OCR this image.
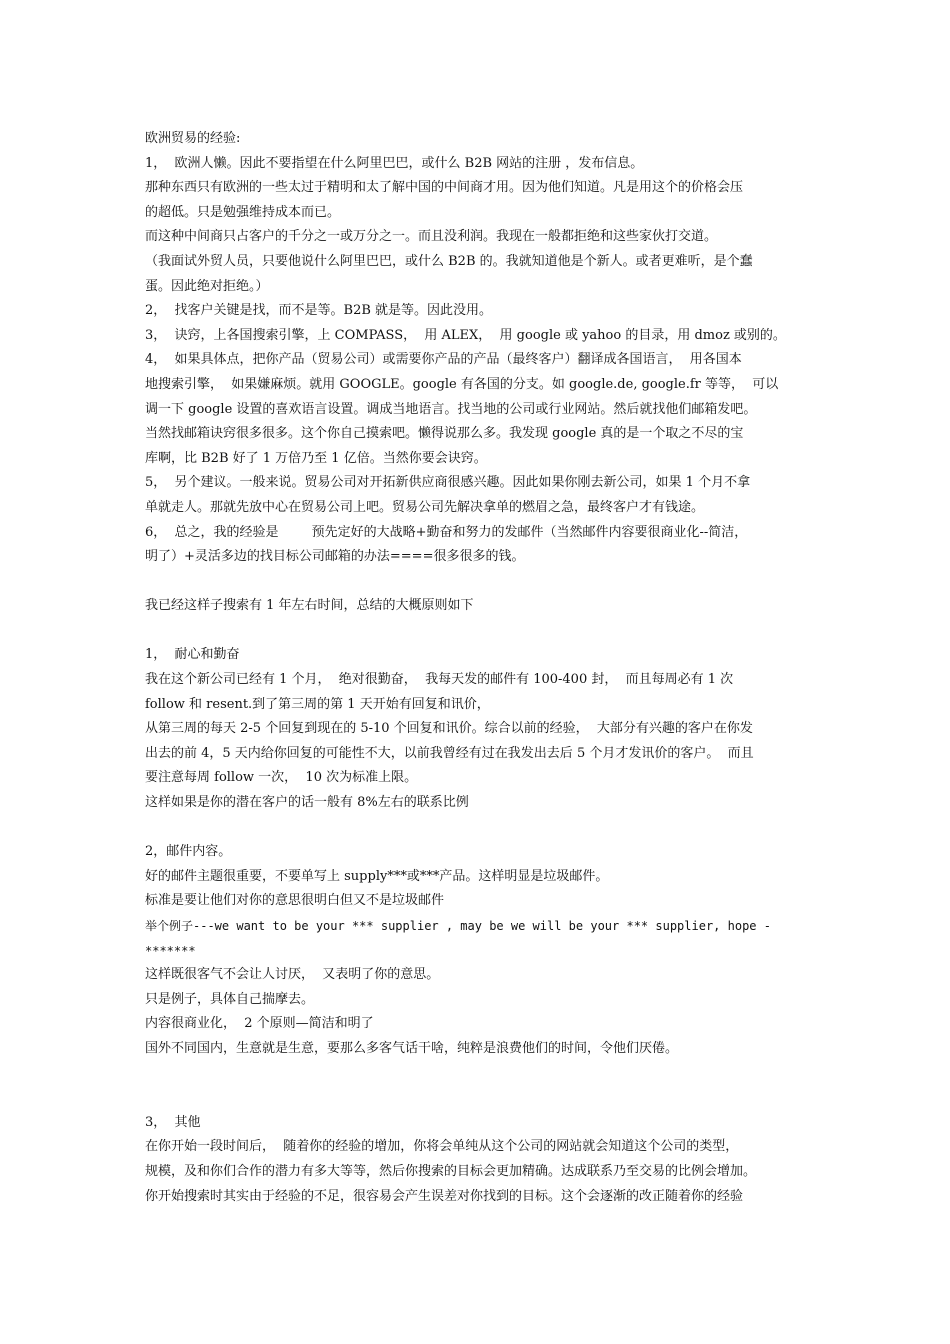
欧洲贸易的经验:
1，  欧洲人懒。因此不要指望在什么阿里巴巴，或什么 B2B 网站的注册 ，发布信息。
那种东西只有欧洲的一些太过于精明和太了解中国的中间商才用。因为他们知道。凡是用这个的价格会压
的超低。只是勉强维持成本而已。
而这种中间商只占客户的千分之一或万分之一。而且没利润。我现在一般都拒绝和这些家伙打交道。
（我面试外贸人员，只要他说什么阿里巴巴，或什么 B2B 的。我就知道他是个新人。或者更难听，是个蠢
蛋。因此绝对拒绝。）
2，  找客户关键是找，而不是等。B2B 就是等。因此没用。
3，  诀窍，上各国搜索引擎，上 COMPASS，  用 ALEX，  用 google 或 yahoo 的目录，用 dmoz 或别的。
4，  如果具体点，把你产品（贸易公司）或需要你产品的产品（最终客户）翻译成各国语言，  用各国本
地搜索引擎，  如果嫌麻烦。就用 GOOGLE。google 有各国的分支。如 google.de, google.fr 等等，  可以
调一下 google 设置的喜欢语言设置。调成当地语言。找当地的公司或行业网站。然后就找他们邮箱发吧。
当然找邮箱诀窍很多很多。这个你自己摸索吧。懒得说那么多。我发现 google 真的是一个取之不尽的宝
库啊，比 B2B 好了 1 万倍乃至 1 亿倍。当然你要会诀窍。
5，  另个建议。一般来说。贸易公司对开拓新供应商很感兴趣。因此如果你刚去新公司，如果 1 个月不拿
单就走人。那就先放中心在贸易公司上吧。贸易公司先解决拿单的燃眉之急，最终客户才有钱途。
6，  总之，我的经验是        预先定好的大战略+勤奋和努力的发邮件（当然邮件内容要很商业化--简洁，
明了）+灵活多边的找目标公司邮箱的办法====很多很多的钱。
我已经这样子搜索有 1 年左右时间，总结的大概原则如下
1，  耐心和勤奋
我在这个新公司已经有 1 个月，  绝对很勤奋，  我每天发的邮件有 100-400 封，  而且每周必有 1 次
follow 和 resent.到了第三周的第 1 天开始有回复和讯价，
从第三周的每天 2-5 个回复到现在的 5-10 个回复和讯价。综合以前的经验，  大部分有兴趣的客户在你发
出去的前 4，5 天内给你回复的可能性不大，以前我曾经有过在我发出去后 5 个月才发讯价的客户。  而且
要注意每周 follow 一次，  10 次为标准上限。
这样如果是你的潜在客户的话一般有 8%左右的联系比例
2，邮件内容。
好的邮件主题很重要，不要单写上 supply***或***产品。这样明显是垃圾邮件。
标准是要让他们对你的意思很明白但又不是垃圾邮件
举个例子---we want to be your *** supplier , may be we will be your *** supplier, hope -
*******
这样既很客气不会让人讨厌，  又表明了你的意思。
只是例子，具体自己揣摩去。
内容很商业化，  2 个原则—简洁和明了
国外不同国内，生意就是生意，要那么多客气话干啥，纯粹是浪费他们的时间，令他们厌倦。
3，  其他
在你开始一段时间后，  随着你的经验的增加，你将会单纯从这个公司的网站就会知道这个公司的类型，
规模，及和你们合作的潜力有多大等等，然后你搜索的目标会更加精确。达成联系乃至交易的比例会增加。
你开始搜索时其实由于经验的不足，很容易会产生误差对你找到的目标。这个会逐渐的改正随着你的经验
